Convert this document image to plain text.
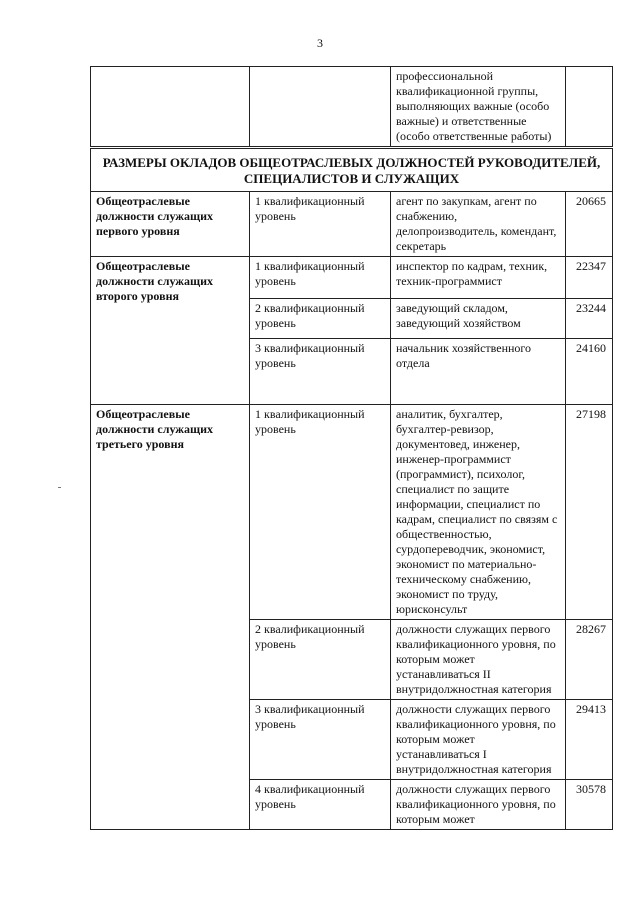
3
		профессиональной квалификационной группы, выполняющих важные (особо важные) и ответственные (особо ответственные работы)	
РАЗМЕРЫ ОКЛАДОВ ОБЩЕОТРАСЛЕВЫХ ДОЛЖНОСТЕЙ РУКОВОДИТЕЛЕЙ, СПЕЦИАЛИСТОВ И СЛУЖАЩИХ			
Общеотраслевые должности служащих первого уровня	1 квалификационный уровень	агент по закупкам, агент по снабжению, делопроизводитель, комендант, секретарь	20665
Общеотраслевые должности служащих второго уровня	1 квалификационный уровень	инспектор по кадрам, техник, техник-программист	22347
	2 квалификационный уровень	заведующий складом, заведующий хозяйством	23244
	3 квалификационный уровень	начальник хозяйственного отдела	24160
Общеотраслевые должности служащих третьего уровня	1 квалификационный уровень	аналитик, бухгалтер, бухгалтер-ревизор, документовед, инженер, инженер-программист (программист), психолог, специалист по защите информации, специалист по кадрам, специалист по связям с общественностью, сурдопереводчик, экономист, экономист по материально-техническому снабжению, экономист по труду, юрисконсульт	27198
	2 квалификационный уровень	должности служащих первого квалификационного уровня, по которым может устанавливаться II внутридолжностная категория	28267
	3 квалификационный уровень	должности служащих первого квалификационного уровня, по которым может устанавливаться I внутридолжностная категория	29413
	4 квалификационный уровень	должности служащих первого квалификационного уровня, по которым может	30578
